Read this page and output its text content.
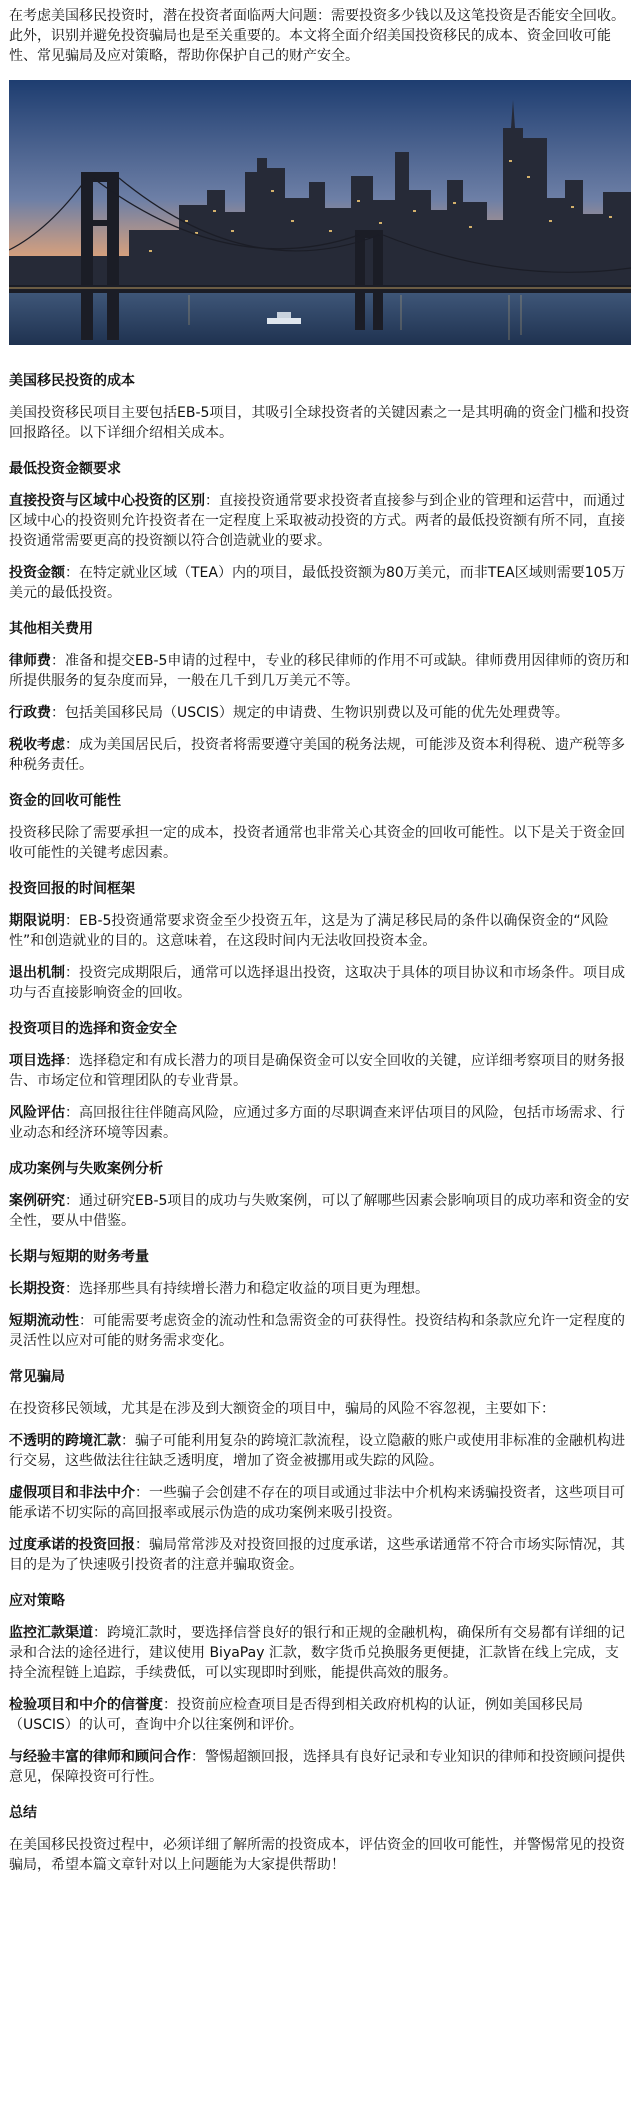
在考虑美国移民投资时，潜在投资者面临两大问题：需要投资多少钱以及这笔投资是否能安全回收。此外，识别并避免投资骗局也是至关重要的。本文将全面介绍美国投资移民的成本、资金回收可能性、常见骗局及应对策略，帮助你保护自己的财产安全。

美国移民投资的成本

美国投资移民项目主要包括EB-5项目，其吸引全球投资者的关键因素之一是其明确的资金门槛和投资回报路径。以下详细介绍相关成本。

最低投资金额要求

直接投资与区域中心投资的区别：直接投资通常要求投资者直接参与到企业的管理和运营中，而通过区域中心的投资则允许投资者在一定程度上采取被动投资的方式。两者的最低投资额有所不同，直接投资通常需要更高的投资额以符合创造就业的要求。

投资金额：在特定就业区域（TEA）内的项目，最低投资额为80万美元，而非TEA区域则需要105万美元的最低投资。

其他相关费用

律师费：准备和提交EB-5申请的过程中，专业的移民律师的作用不可或缺。律师费用因律师的资历和所提供服务的复杂度而异，一般在几千到几万美元不等。

行政费：包括美国移民局（USCIS）规定的申请费、生物识别费以及可能的优先处理费等。

税收考虑：成为美国居民后，投资者将需要遵守美国的税务法规，可能涉及资本利得税、遗产税等多种税务责任。

资金的回收可能性

投资移民除了需要承担一定的成本，投资者通常也非常关心其资金的回收可能性。以下是关于资金回收可能性的关键考虑因素。

投资回报的时间框架

期限说明：EB-5投资通常要求资金至少投资五年，这是为了满足移民局的条件以确保资金的“风险性”和创造就业的目的。这意味着，在这段时间内无法收回投资本金。

退出机制：投资完成期限后，通常可以选择退出投资，这取决于具体的项目协议和市场条件。项目成功与否直接影响资金的回收。

投资项目的选择和资金安全

项目选择：选择稳定和有成长潜力的项目是确保资金可以安全回收的关键，应详细考察项目的财务报告、市场定位和管理团队的专业背景。

风险评估：高回报往往伴随高风险，应通过多方面的尽职调查来评估项目的风险，包括市场需求、行业动态和经济环境等因素。

成功案例与失败案例分析

案例研究：通过研究EB-5项目的成功与失败案例，可以了解哪些因素会影响项目的成功率和资金的安全性，要从中借鉴。

长期与短期的财务考量

长期投资：选择那些具有持续增长潜力和稳定收益的项目更为理想。

短期流动性：可能需要考虑资金的流动性和急需资金的可获得性。投资结构和条款应允许一定程度的灵活性以应对可能的财务需求变化。

常见骗局

在投资移民领域，尤其是在涉及到大额资金的项目中，骗局的风险不容忽视，主要如下：

不透明的跨境汇款：骗子可能利用复杂的跨境汇款流程，设立隐蔽的账户或使用非标准的金融机构进行交易，这些做法往往缺乏透明度，增加了资金被挪用或失踪的风险。

虚假项目和非法中介：一些骗子会创建不存在的项目或通过非法中介机构来诱骗投资者，这些项目可能承诺不切实际的高回报率或展示伪造的成功案例来吸引投资。

过度承诺的投资回报：骗局常常涉及对投资回报的过度承诺，这些承诺通常不符合市场实际情况，其目的是为了快速吸引投资者的注意并骗取资金。

应对策略

监控汇款渠道：跨境汇款时，要选择信誉良好的银行和正规的金融机构，确保所有交易都有详细的记录和合法的途径进行，建议使用 BiyaPay 汇款，数字货币兑换服务更便捷，汇款皆在线上完成，支持全流程链上追踪，手续费低，可以实现即时到账，能提供高效的服务。

检验项目和中介的信誉度：投资前应检查项目是否得到相关政府机构的认证，例如美国移民局（USCIS）的认可，查询中介以往案例和评价。

与经验丰富的律师和顾问合作：警惕超额回报，选择具有良好记录和专业知识的律师和投资顾问提供意见，保障投资可行性。

总结

在美国移民投资过程中，必须详细了解所需的投资成本，评估资金的回收可能性，并警惕常见的投资骗局，希望本篇文章针对以上问题能为大家提供帮助！
